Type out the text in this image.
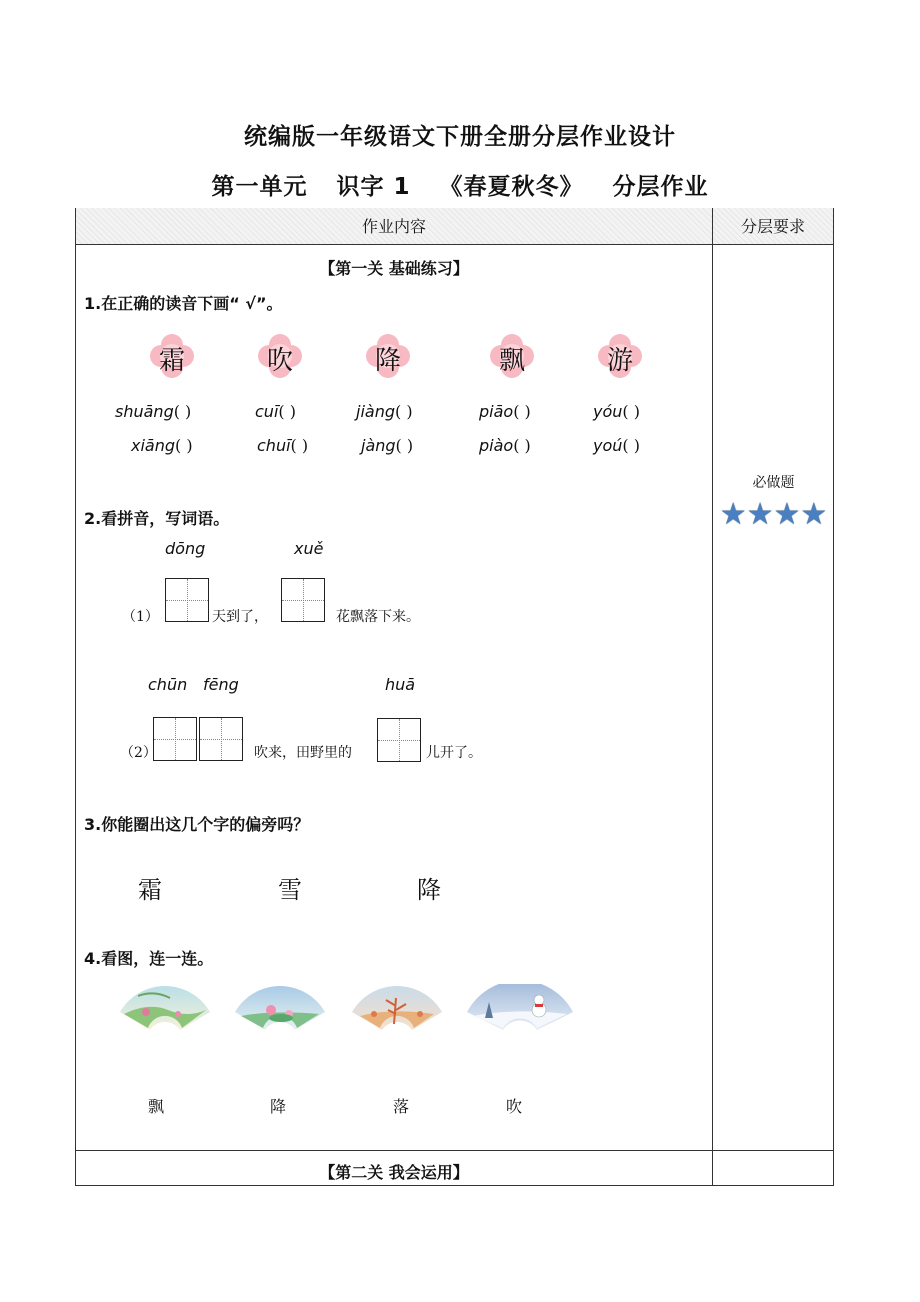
统编版一年级语文下册全册分层作业设计
第一单元 识字 1 《春夏秋冬》 分层作业
作业内容	分层要求
【第一关 基础练习】
1.在正确的读音下画“ √”。
霜	吹	降	飘	游
shuāng( )	cuī( )	jiàng( )	piāo( )	yóu( )
xiāng( )	chuī( )	jàng( )	piào( )	yoú( )
2.看拼音，写词语。
dōng	xuě
（1）	天到了，	花飘落下来。
chūn fēng	huā
（2）	吹来，田野里的	儿开了。
3.你能圈出这几个字的偏旁吗？
霜	雪	降
4.看图，连一连。
飘	降	落	吹
必做题
★★★★
【第二关 我会运用】
